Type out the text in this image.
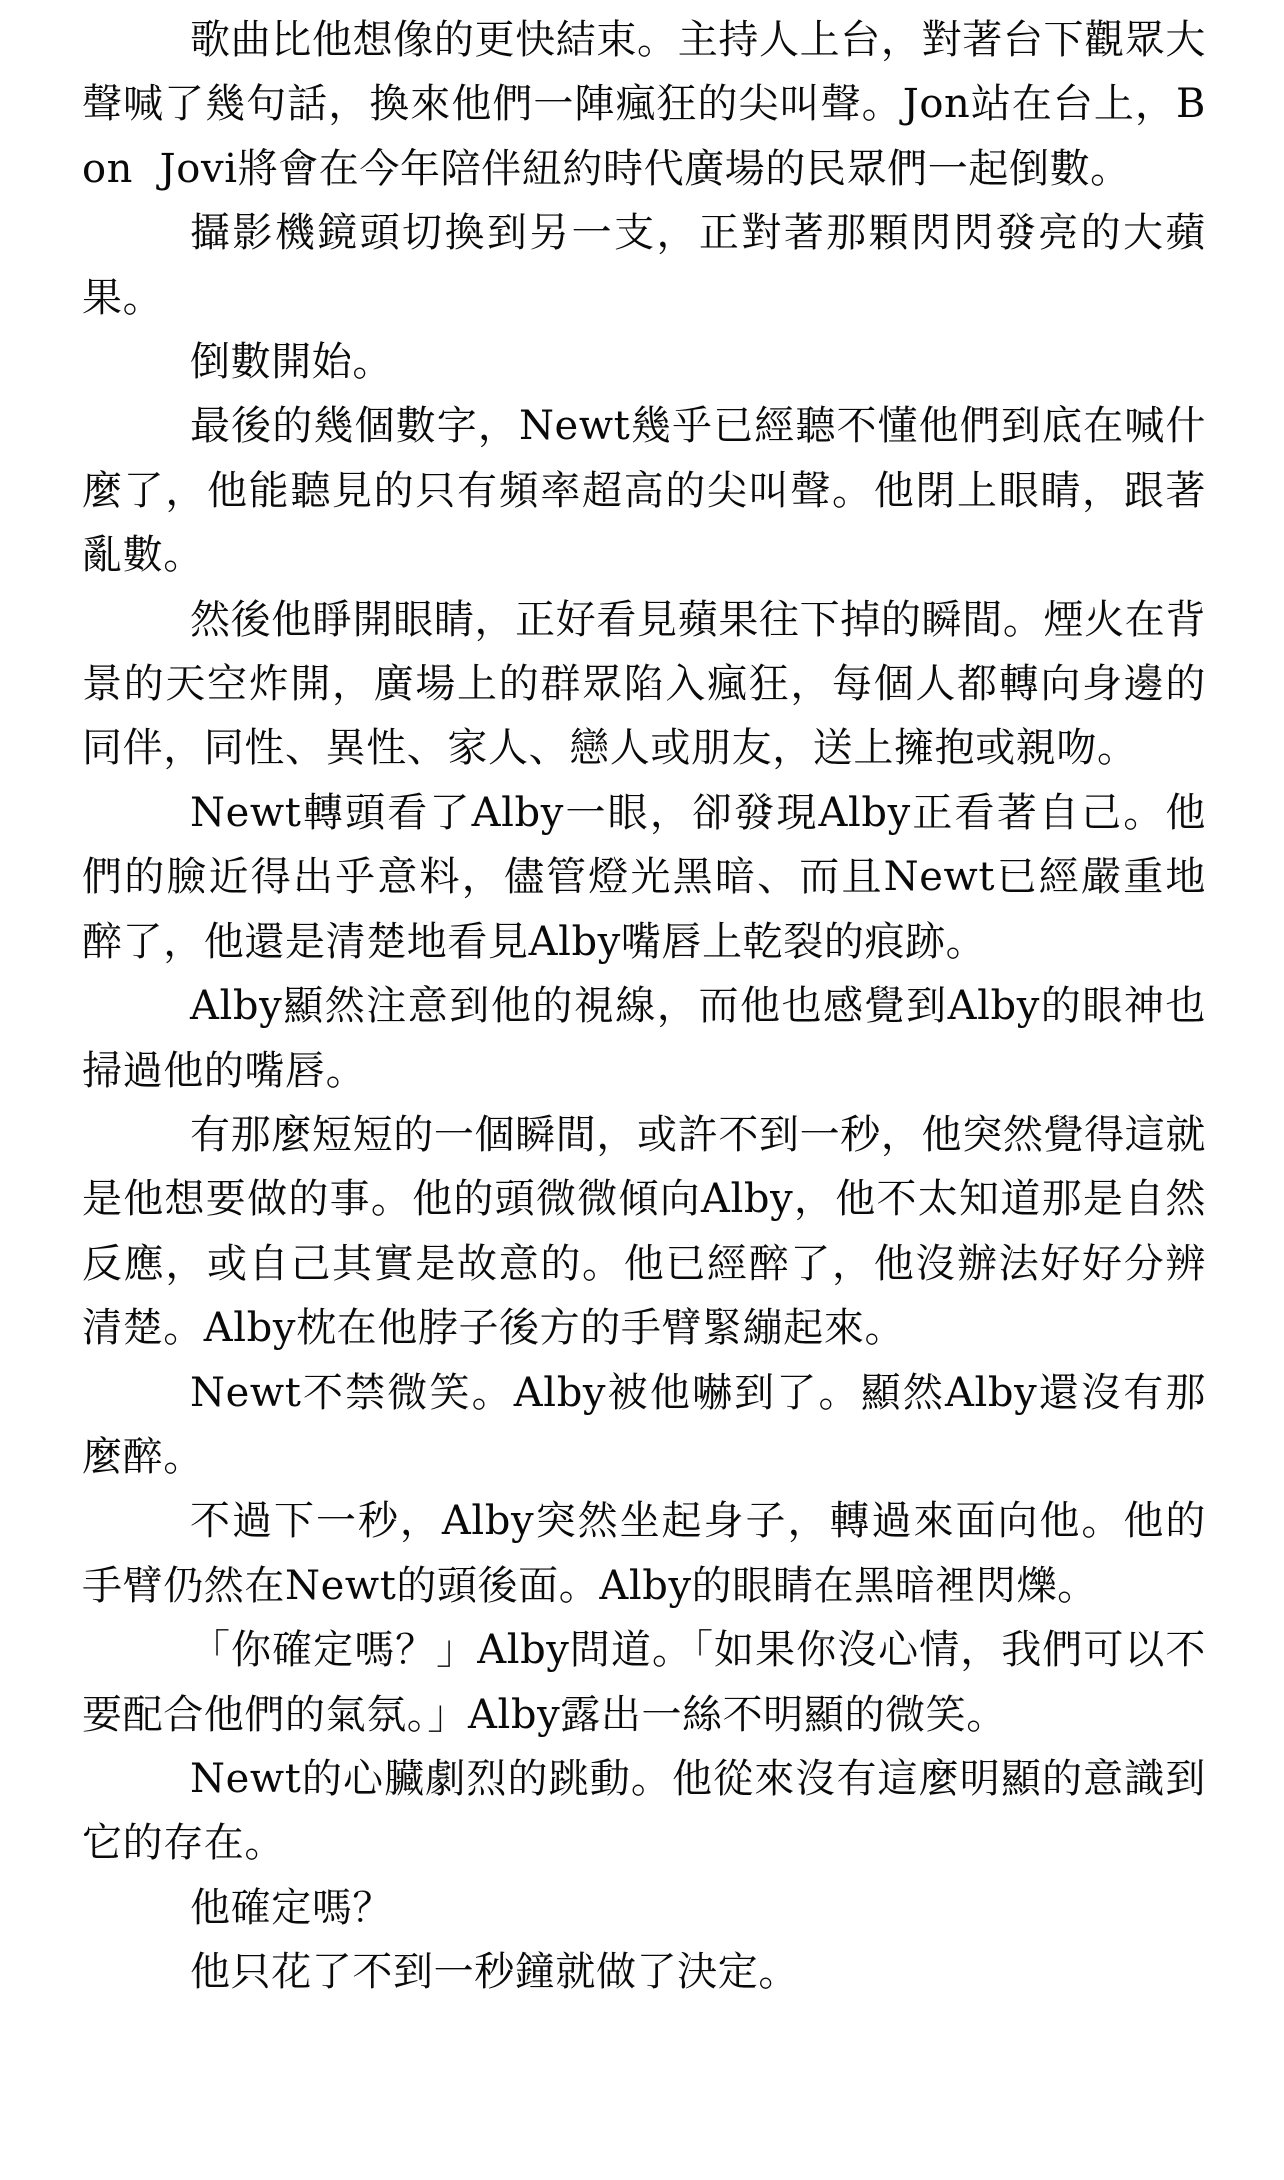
歌曲比他想像的更快結束。主持人上台，對著台下觀眾大聲喊了幾句話，換來他們一陣瘋狂的尖叫聲。Jon站在台上，Bon  Jovi將會在今年陪伴紐約時代廣場的民眾們一起倒數。

攝影機鏡頭切換到另一支，正對著那顆閃閃發亮的大蘋果。

倒數開始。

最後的幾個數字，Newt幾乎已經聽不懂他們到底在喊什麼了，他能聽見的只有頻率超高的尖叫聲。他閉上眼睛，跟著亂數。

然後他睜開眼睛，正好看見蘋果往下掉的瞬間。煙火在背景的天空炸開，廣場上的群眾陷入瘋狂，每個人都轉向身邊的同伴，同性、異性、家人、戀人或朋友，送上擁抱或親吻。

Newt轉頭看了Alby一眼，卻發現Alby正看著自己。他們的臉近得出乎意料，儘管燈光黑暗、而且Newt已經嚴重地醉了，他還是清楚地看見Alby嘴唇上乾裂的痕跡。

Alby顯然注意到他的視線，而他也感覺到Alby的眼神也掃過他的嘴唇。

有那麼短短的一個瞬間，或許不到一秒，他突然覺得這就是他想要做的事。他的頭微微傾向Alby，他不太知道那是自然反應，或自己其實是故意的。他已經醉了，他沒辦法好好分辨清楚。Alby枕在他脖子後方的手臂緊繃起來。

Newt不禁微笑。Alby被他嚇到了。顯然Alby還沒有那麼醉。

不過下一秒，Alby突然坐起身子，轉過來面向他。他的手臂仍然在Newt的頭後面。Alby的眼睛在黑暗裡閃爍。

「你確定嗎？」Alby問道。「如果你沒心情，我們可以不要配合他們的氣氛。」Alby露出一絲不明顯的微笑。

Newt的心臟劇烈的跳動。他從來沒有這麼明顯的意識到它的存在。

他確定嗎？

他只花了不到一秒鐘就做了決定。
